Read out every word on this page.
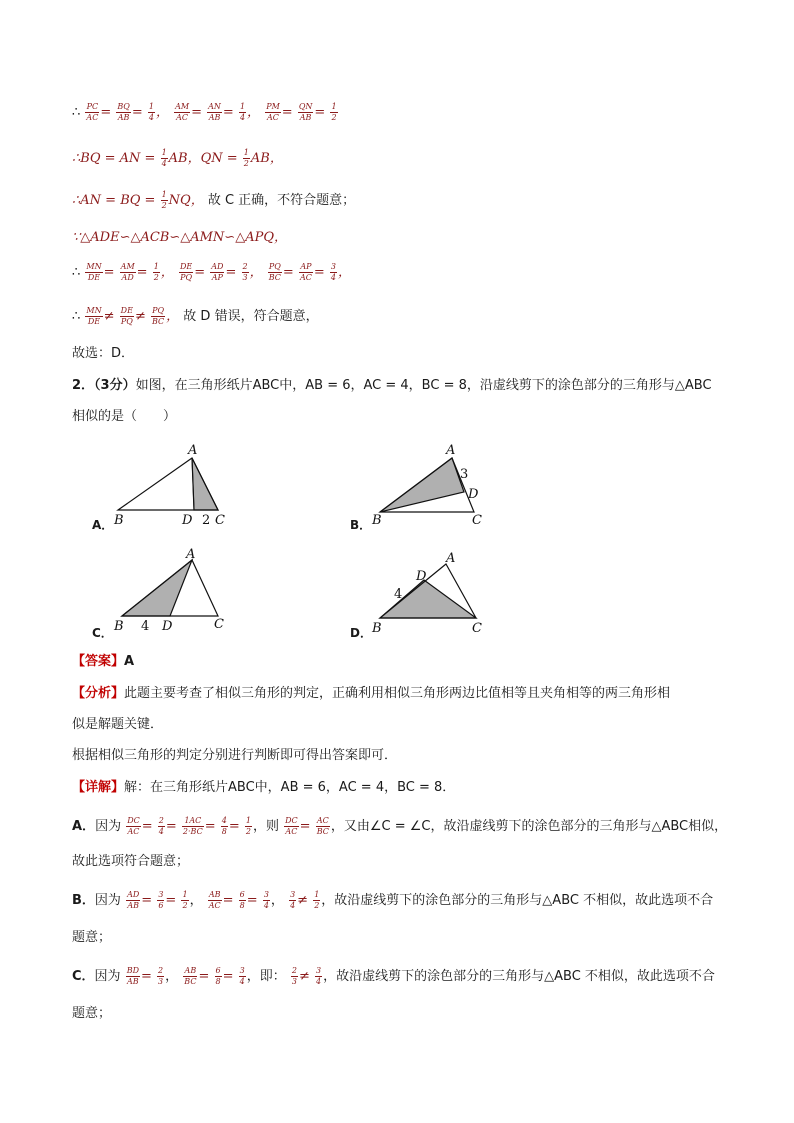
∴ $\frac{PC}{AC} = \frac{BQ}{AB} = \frac{1}{4}$ ， $\frac{AM}{AC} = \frac{AN}{AB} = \frac{1}{4}$ ， $\frac{PM}{AC} = \frac{QN}{AB} = \frac{1}{2}$
∴BQ = AN = $\frac{1}{4}$ AB，QN = $\frac{1}{2}$ AB，
∴AN = BQ = $\frac{1}{2}$ NQ， 故 C 正确，不符合题意；
∵△ADE∽△ACB∽△AMN∽△APQ，
∴ $\frac{MN}{DE} = \frac{AM}{AD} = \frac{1}{2}$ ， $\frac{DE}{PQ} = \frac{AD}{AP} = \frac{2}{3}$ ， $\frac{PQ}{BC} = \frac{AP}{AC} = \frac{3}{4}$ ，
∴ $\frac{MN}{DE} \ne \frac{DE}{PQ} \ne \frac{PQ}{BC}$ ， 故 D 错误，符合题意，
故选：D．
2．（3分）如图，在三角形纸片ABC中，AB = 6，AC = 4，BC = 8，沿虚线剪下的涂色部分的三角形与△ABC
相似的是（　　）
A．
A
B	D C
2	B．
A
B	C
D
3
C．
A
B	D	C
4	D．
A
B	C
D
4
【答案】A
【分析】此题主要考查了相似三角形的判定，正确利用相似三角形两边比值相等且夹角相等的两三角形相
似是解题关键．
根据相似三角形的判定分别进行判断即可得出答案即可．
【详解】解：在三角形纸片ABC中，AB = 6，AC = 4，BC = 8．
A．因为 $\frac{DC}{AC} = \frac{2}{4} = \frac{1AC}{2\cdot BC} = \frac{4}{8} = \frac{1}{2}$ ，则 $\frac{DC}{AC} = \frac{AC}{BC}$ ，又由∠C = ∠C，故沿虚线剪下的涂色部分的三角形与△ABC相似，
故此选项符合题意；
B．因为 $\frac{AD}{AB} = \frac{3}{6} = \frac{1}{2}$ ， $\frac{AB}{AC} = \frac{6}{8} = \frac{3}{4}$ ， $\frac{3}{4} \ne \frac{1}{2}$ ，故沿虚线剪下的涂色部分的三角形与△ABC 不相似，故此选项不合
题意；
C．因为 $\frac{BD}{AB} = \frac{2}{3}$ ， $\frac{AB}{BC} = \frac{6}{8} = \frac{3}{4}$ ，即： $\frac{2}{3} \ne \frac{3}{4}$ ，故沿虚线剪下的涂色部分的三角形与△ABC 不相似，故此选项不合
题意；
